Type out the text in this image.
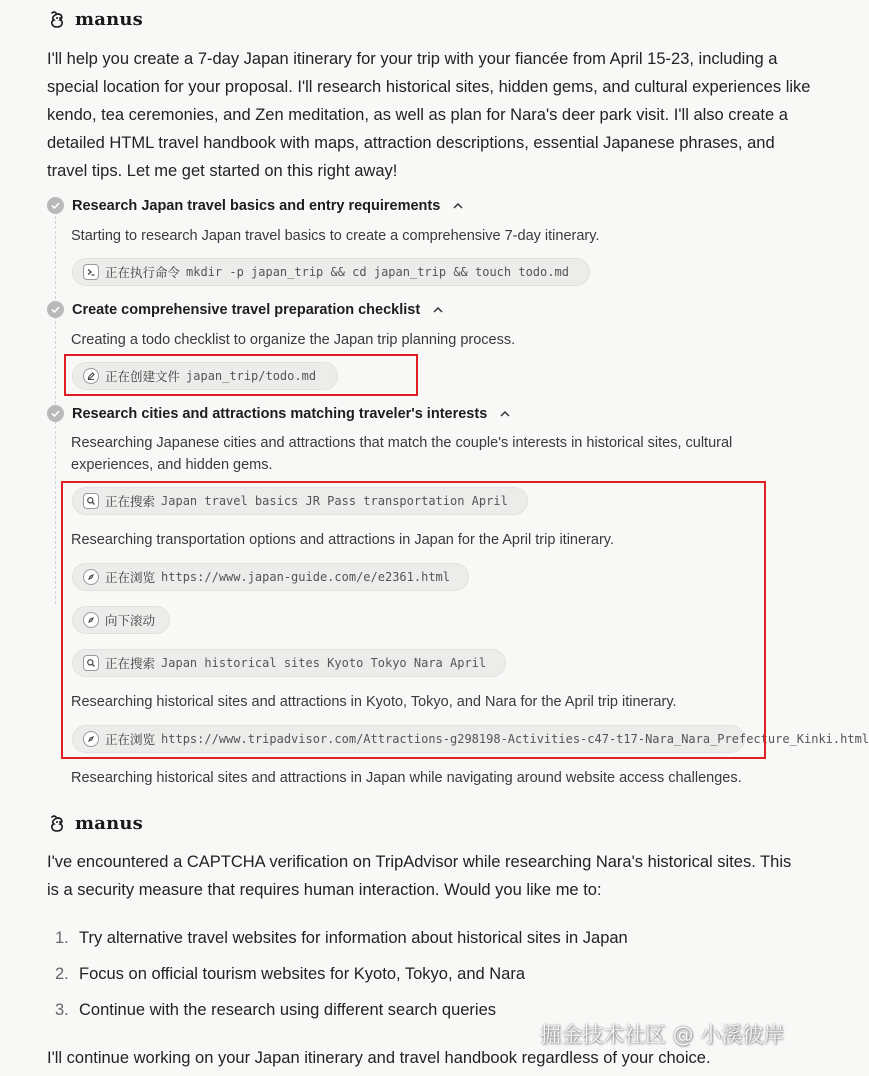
manus

I'll help you create a 7-day Japan itinerary for your trip with your fiancée from April 15-23, including a special location for your proposal. I'll research historical sites, hidden gems, and cultural experiences like kendo, tea ceremonies, and Zen meditation, as well as plan for Nara's deer park visit. I'll also create a detailed HTML travel handbook with maps, attraction descriptions, essential Japanese phrases, and travel tips. Let me get started on this right away!

Research Japan travel basics and entry requirements

Starting to research Japan travel basics to create a comprehensive 7-day itinerary.

正在执行命令 mkdir -p japan_trip && cd japan_trip && touch todo.md
Create comprehensive travel preparation checklist

Creating a todo checklist to organize the Japan trip planning process.

正在创建文件 japan_trip/todo.md
Research cities and attractions matching traveler's interests

Researching Japanese cities and attractions that match the couple's interests in historical sites, cultural experiences, and hidden gems.

正在搜索 Japan travel basics JR Pass transportation April

Researching transportation options and attractions in Japan for the April trip itinerary.

正在浏览 https://www.japan-guide.com/e/e2361.html
向下滚动
正在搜索 Japan historical sites Kyoto Tokyo Nara April

Researching historical sites and attractions in Kyoto, Tokyo, and Nara for the April trip itinerary.

正在浏览 https://www.tripadvisor.com/Attractions-g298198-Activities-c47-t17-Nara_Nara_Prefecture_Kinki.html

Researching historical sites and attractions in Japan while navigating around website access challenges.

manus

I've encountered a CAPTCHA verification on TripAdvisor while researching Nara's historical sites. This is a security measure that requires human interaction. Would you like me to:

1. Try alternative travel websites for information about historical sites in Japan
2. Focus on official tourism websites for Kyoto, Tokyo, and Nara
3. Continue with the research using different search queries

I'll continue working on your Japan itinerary and travel handbook regardless of your choice.

掘金技术社区 @ 小溪彼岸
